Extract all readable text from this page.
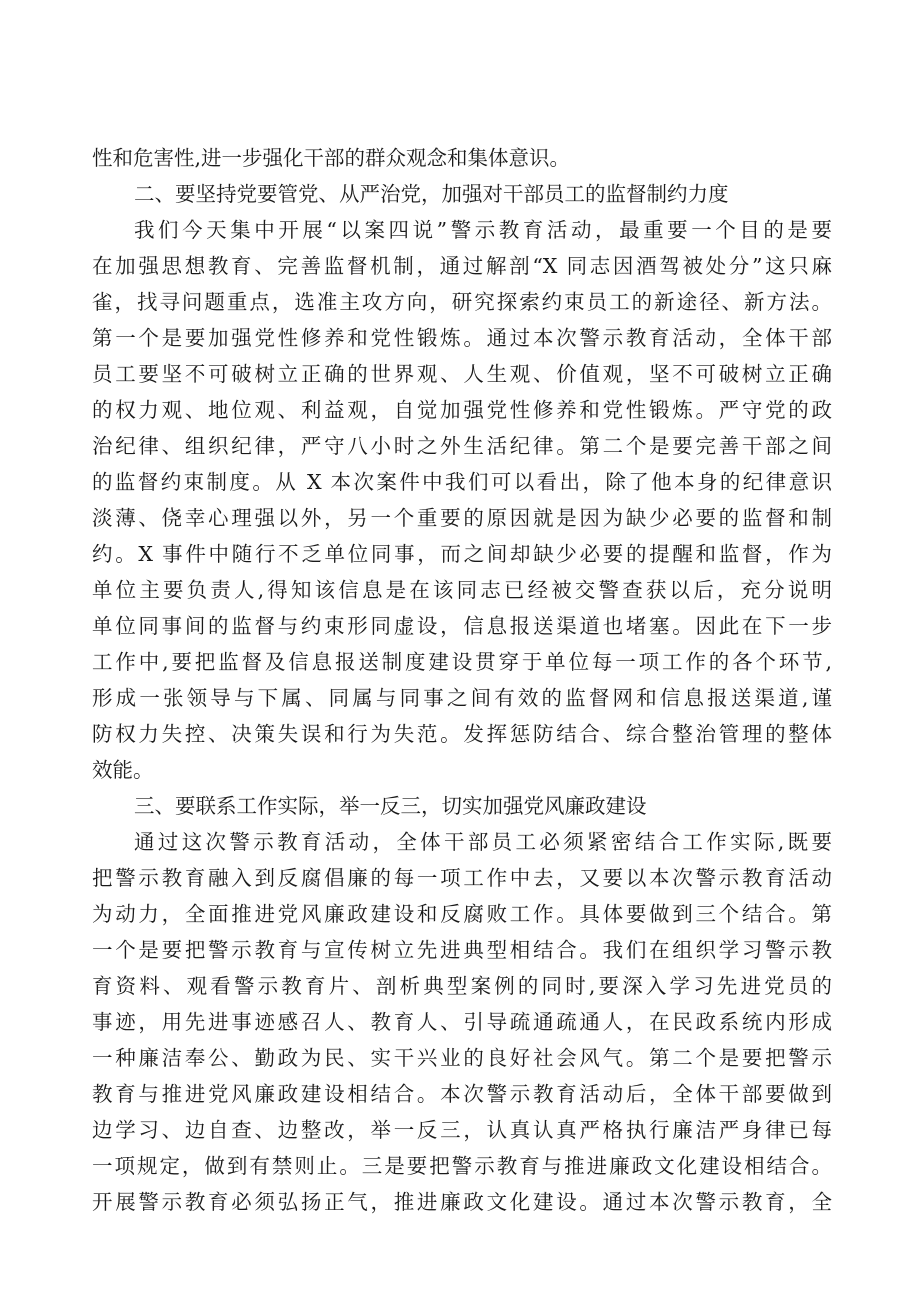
性和危害性,进一步强化干部的群众观念和集体意识。
二、要坚持党要管党、从严治党，加强对干部员工的监督制约力度
我们今天集中开展“以案四说”警示教育活动，最重要一个目的是要
在加强思想教育、完善监督机制，通过解剖“X 同志因酒驾被处分”这只麻
雀，找寻问题重点，选准主攻方向，研究探索约束员工的新途径、新方法。
第一个是要加强党性修养和党性锻炼。通过本次警示教育活动，全体干部
员工要坚不可破树立正确的世界观、人生观、价值观，坚不可破树立正确
的权力观、地位观、利益观，自觉加强党性修养和党性锻炼。严守党的政
治纪律、组织纪律，严守八小时之外生活纪律。第二个是要完善干部之间
的监督约束制度。从 X 本次案件中我们可以看出，除了他本身的纪律意识
淡薄、侥幸心理强以外，另一个重要的原因就是因为缺少必要的监督和制
约。X 事件中随行不乏单位同事，而之间却缺少必要的提醒和监督，作为
单位主要负责人,得知该信息是在该同志已经被交警查获以后，充分说明
单位同事间的监督与约束形同虚设，信息报送渠道也堵塞。因此在下一步
工作中,要把监督及信息报送制度建设贯穿于单位每一项工作的各个环节,
形成一张领导与下属、同属与同事之间有效的监督网和信息报送渠道,谨
防权力失控、决策失误和行为失范。发挥惩防结合、综合整治管理的整体
效能。
三、要联系工作实际，举一反三，切实加强党风廉政建设
通过这次警示教育活动，全体干部员工必须紧密结合工作实际,既要
把警示教育融入到反腐倡廉的每一项工作中去，又要以本次警示教育活动
为动力，全面推进党风廉政建设和反腐败工作。具体要做到三个结合。第
一个是要把警示教育与宣传树立先进典型相结合。我们在组织学习警示教
育资料、观看警示教育片、剖析典型案例的同时,要深入学习先进党员的
事迹，用先进事迹感召人、教育人、引导疏通疏通人，在民政系统内形成
一种廉洁奉公、勤政为民、实干兴业的良好社会风气。第二个是要把警示
教育与推进党风廉政建设相结合。本次警示教育活动后，全体干部要做到
边学习、边自查、边整改，举一反三，认真认真严格执行廉洁严身律已每
一项规定，做到有禁则止。三是要把警示教育与推进廉政文化建设相结合。
开展警示教育必须弘扬正气，推进廉政文化建设。通过本次警示教育，全
